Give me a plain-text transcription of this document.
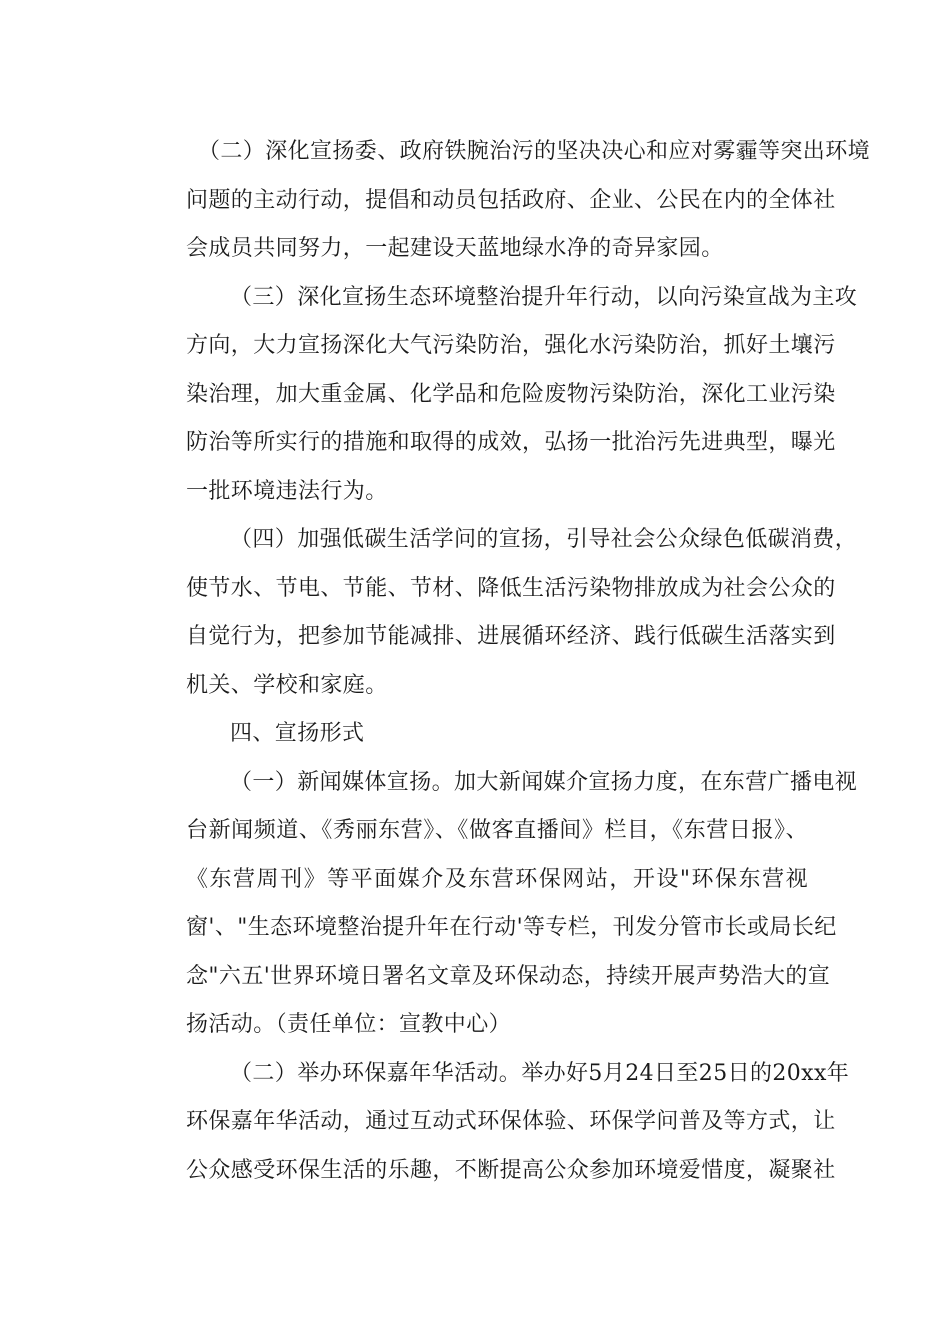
（二）深化宣扬委、政府铁腕治污的坚决决心和应对雾霾等突出环境
问题的主动行动，提倡和动员包括政府、企业、公民在内的全体社
会成员共同努力，一起建设天蓝地绿水净的奇异家园。
（三）深化宣扬生态环境整治提升年行动，以向污染宣战为主攻
方向，大力宣扬深化大气污染防治，强化水污染防治，抓好土壤污
染治理，加大重金属、化学品和危险废物污染防治，深化工业污染
防治等所实行的措施和取得的成效，弘扬一批治污先进典型，曝光
一批环境违法行为。
（四）加强低碳生活学问的宣扬，引导社会公众绿色低碳消费，
使节水、节电、节能、节材、降低生活污染物排放成为社会公众的
自觉行为，把参加节能减排、进展循环经济、践行低碳生活落实到
机关、学校和家庭。
四、宣扬形式
（一）新闻媒体宣扬。加大新闻媒介宣扬力度，在东营广播电视
台新闻频道、《秀丽东营》、《做客直播间》栏目，《东营日报》、
《东营周刊》等平面媒介及东营环保网站，开设"环保东营视
窗'、"生态环境整治提升年在行动'等专栏，刊发分管市长或局长纪
念"六五'世界环境日署名文章及环保动态，持续开展声势浩大的宣
扬活动。（责任单位：宣教中心）
（二）举办环保嘉年华活动。举办好5月24日至25日的20xx年
环保嘉年华活动，通过互动式环保体验、环保学问普及等方式，让
公众感受环保生活的乐趣，不断提高公众参加环境爱惜度，凝聚社
